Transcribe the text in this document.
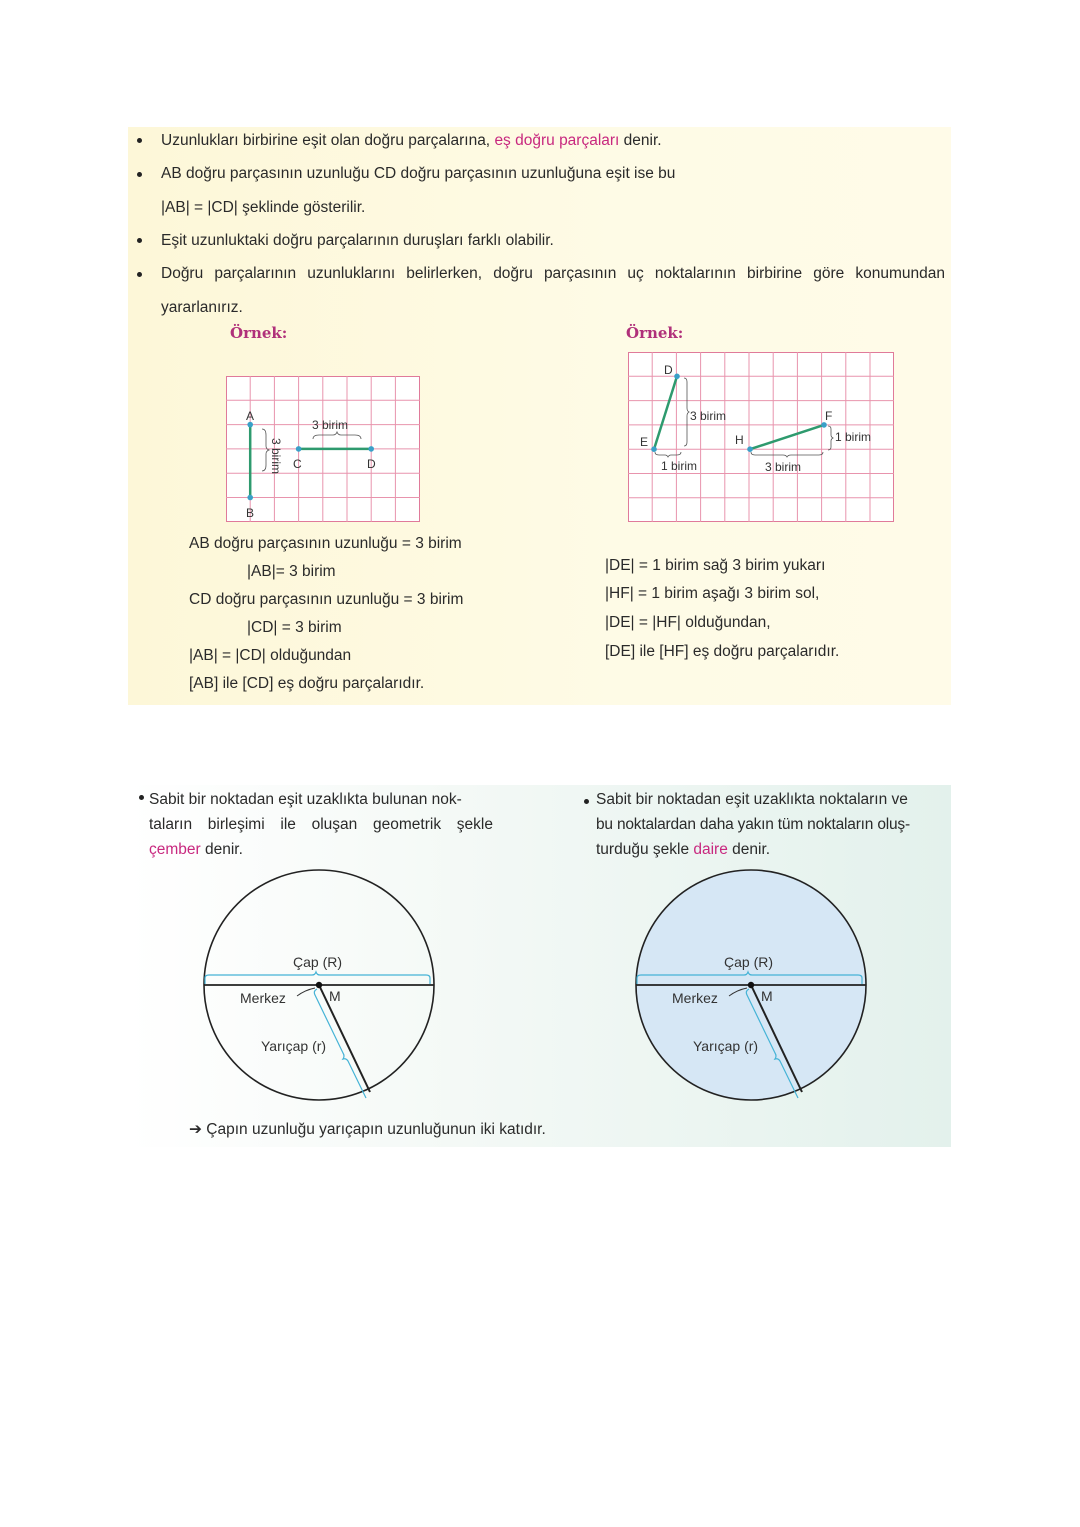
Uzunlukları birbirine eşit olan doğru parçalarına, eş doğru parçaları denir.
AB doğru parçasının uzunluğu CD doğru parçasının uzunluğuna eşit ise bu
|AB| = |CD| şeklinde gösterilir.
Eşit uzunluktaki doğru parçalarının duruşları farklı olabilir.
Doğru parçalarının uzunluklarını belirlerken, doğru parçasının uç noktalarının birbirine göre konumundan
yararlanırız.
Örnek:
A
B
C	D
3 birim
3 birim
AB doğru parçasının uzunluğu = 3 birim
|AB|= 3 birim
CD doğru parçasının uzunluğu = 3 birim
|CD| = 3 birim
|AB| = |CD| olduğundan
[AB] ile [CD] eş doğru parçalarıdır.
Örnek:
D
E	H
F
3 birim
1 birim
1 birim
3 birim
|DE| = 1 birim sağ 3 birim yukarı
|HF| = 1 birim aşağı 3 birim sol,
|DE| = |HF| olduğundan,
[DE] ile [HF] eş doğru parçalarıdır.
Sabit bir noktadan eşit uzaklıkta bulunan nok-
taların birleşimi ile oluşan geometrik şekle
çember denir.
Sabit bir noktadan eşit uzaklıkta noktaların ve
bu noktalardan daha yakın tüm noktaların oluş-
turduğu şekle daire denir.
Çap (R)
Merkez	M
Yarıçap (r)
Çap (R)
Merkez	M
Yarıçap (r)
➔ Çapın uzunluğu yarıçapın uzunluğunun iki katıdır.
